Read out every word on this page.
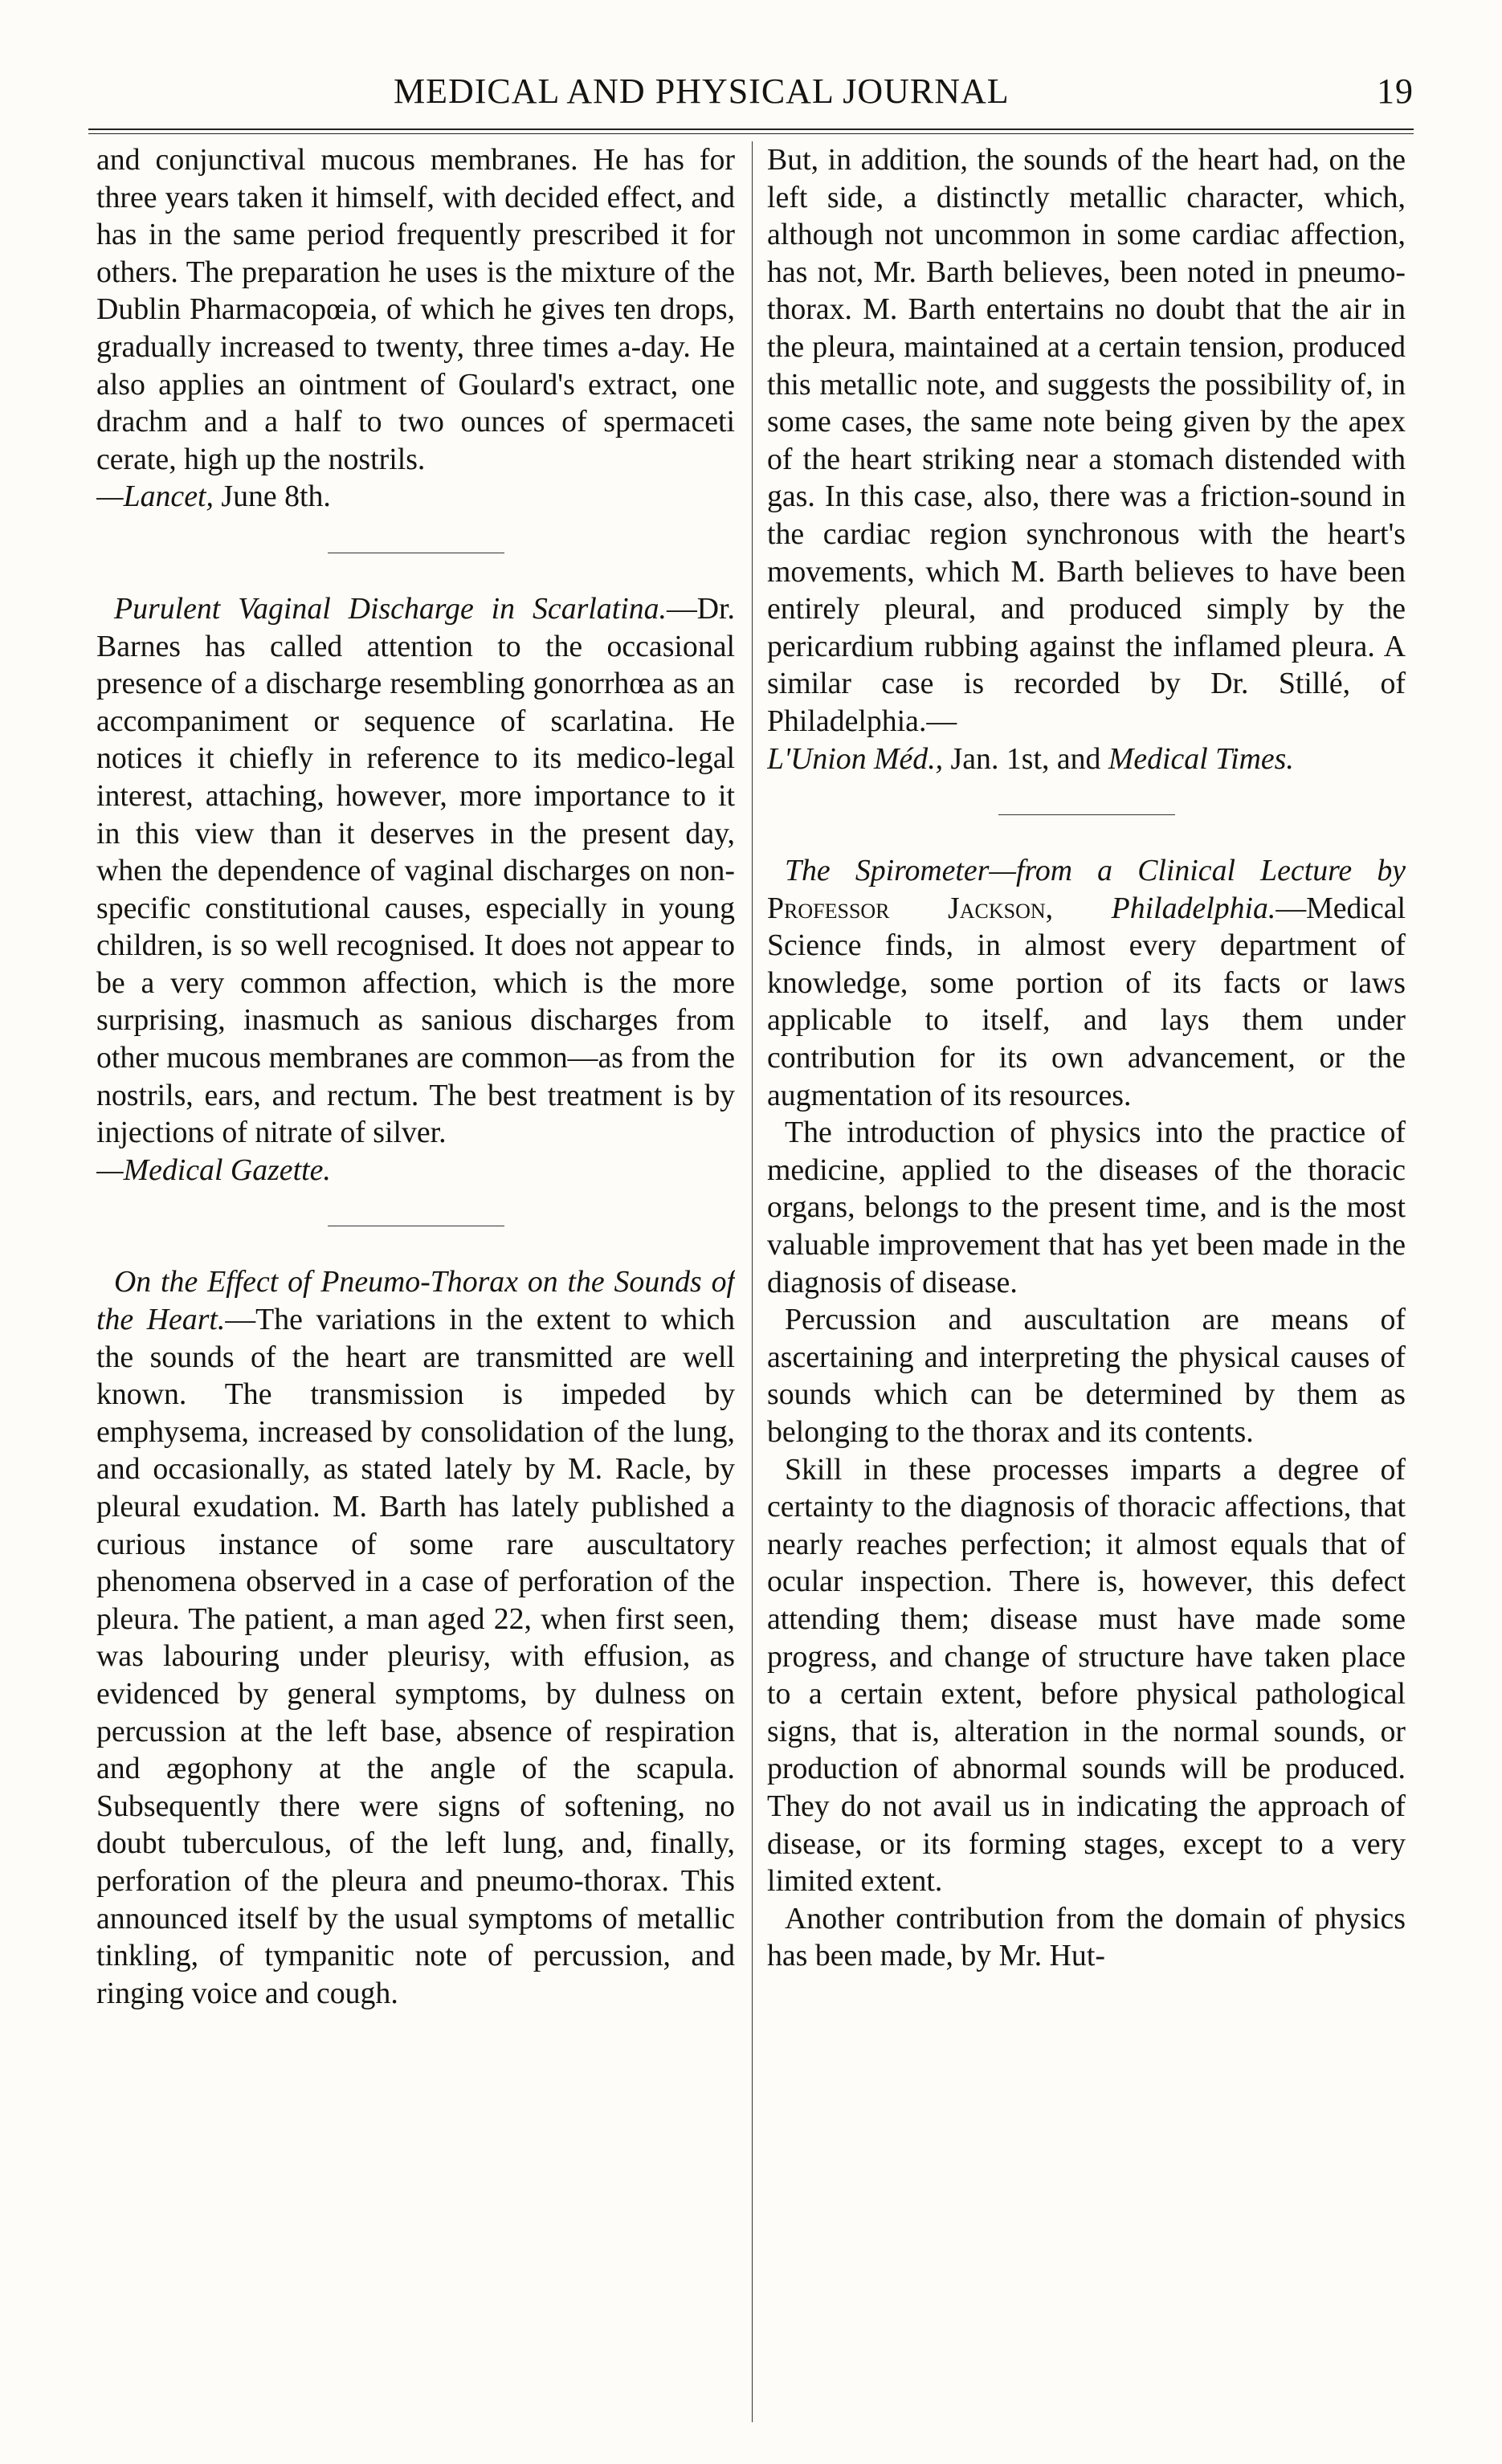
MEDICAL AND PHYSICAL JOURNAL	19

and conjunctival mucous membranes. He has for three years taken it himself, with decided effect, and has in the same period frequently prescribed it for others. The preparation he uses is the mixture of the Dublin Pharmacopœia, of which he gives ten drops, gradually increased to twenty, three times a-day. He also applies an ointment of Goulard's extract, one drachm and a half to two ounces of spermaceti cerate, high up the nostrils.
—Lancet, June 8th.

Purulent Vaginal Discharge in Scarlatina.—Dr. Barnes has called attention to the occasional presence of a discharge resembling gonorrhœa as an accompaniment or sequence of scarlatina. He notices it chiefly in reference to its medico-legal interest, attaching, however, more importance to it in this view than it deserves in the present day, when the dependence of vaginal discharges on non-specific constitutional causes, especially in young children, is so well recognised. It does not appear to be a very common affection, which is the more surprising, inasmuch as sanious discharges from other mucous membranes are common—as from the nostrils, ears, and rectum. The best treatment is by injections of nitrate of silver.
—Medical Gazette.

On the Effect of Pneumo-Thorax on the Sounds of the Heart.—The variations in the extent to which the sounds of the heart are transmitted are well known. The transmission is impeded by emphysema, increased by consolidation of the lung, and occasionally, as stated lately by M. Racle, by pleural exudation. M. Barth has lately published a curious instance of some rare auscultatory phenomena observed in a case of perforation of the pleura. The patient, a man aged 22, when first seen, was labouring under pleurisy, with effusion, as evidenced by general symptoms, by dulness on percussion at the left base, absence of respiration and ægophony at the angle of the scapula. Subsequently there were signs of softening, no doubt tuberculous, of the left lung, and, finally, perforation of the pleura and pneumo-thorax. This announced itself by the usual symptoms of metallic tinkling, of tympanitic note of percussion, and ringing voice and cough.

But, in addition, the sounds of the heart had, on the left side, a distinctly metallic character, which, although not uncommon in some cardiac affection, has not, Mr. Barth believes, been noted in pneumo-thorax. M. Barth entertains no doubt that the air in the pleura, maintained at a certain tension, produced this metallic note, and suggests the possibility of, in some cases, the same note being given by the apex of the heart striking near a stomach distended with gas. In this case, also, there was a friction-sound in the cardiac region synchronous with the heart's movements, which M. Barth believes to have been entirely pleural, and produced simply by the pericardium rubbing against the inflamed pleura. A similar case is recorded by Dr. Stillé, of Philadelphia.—
L'Union Méd., Jan. 1st, and Medical Times.

The Spirometer—from a Clinical Lecture by Professor Jackson, Philadelphia.—Medical Science finds, in almost every department of knowledge, some portion of its facts or laws applicable to itself, and lays them under contribution for its own advancement, or the augmentation of its resources.

The introduction of physics into the practice of medicine, applied to the diseases of the thoracic organs, belongs to the present time, and is the most valuable improvement that has yet been made in the diagnosis of disease.

Percussion and auscultation are means of ascertaining and interpreting the physical causes of sounds which can be determined by them as belonging to the thorax and its contents.

Skill in these processes imparts a degree of certainty to the diagnosis of thoracic affections, that nearly reaches perfection; it almost equals that of ocular inspection. There is, however, this defect attending them; disease must have made some progress, and change of structure have taken place to a certain extent, before physical pathological signs, that is, alteration in the normal sounds, or production of abnormal sounds will be produced. They do not avail us in indicating the approach of disease, or its forming stages, except to a very limited extent.

Another contribution from the domain of physics has been made, by Mr. Hut-
